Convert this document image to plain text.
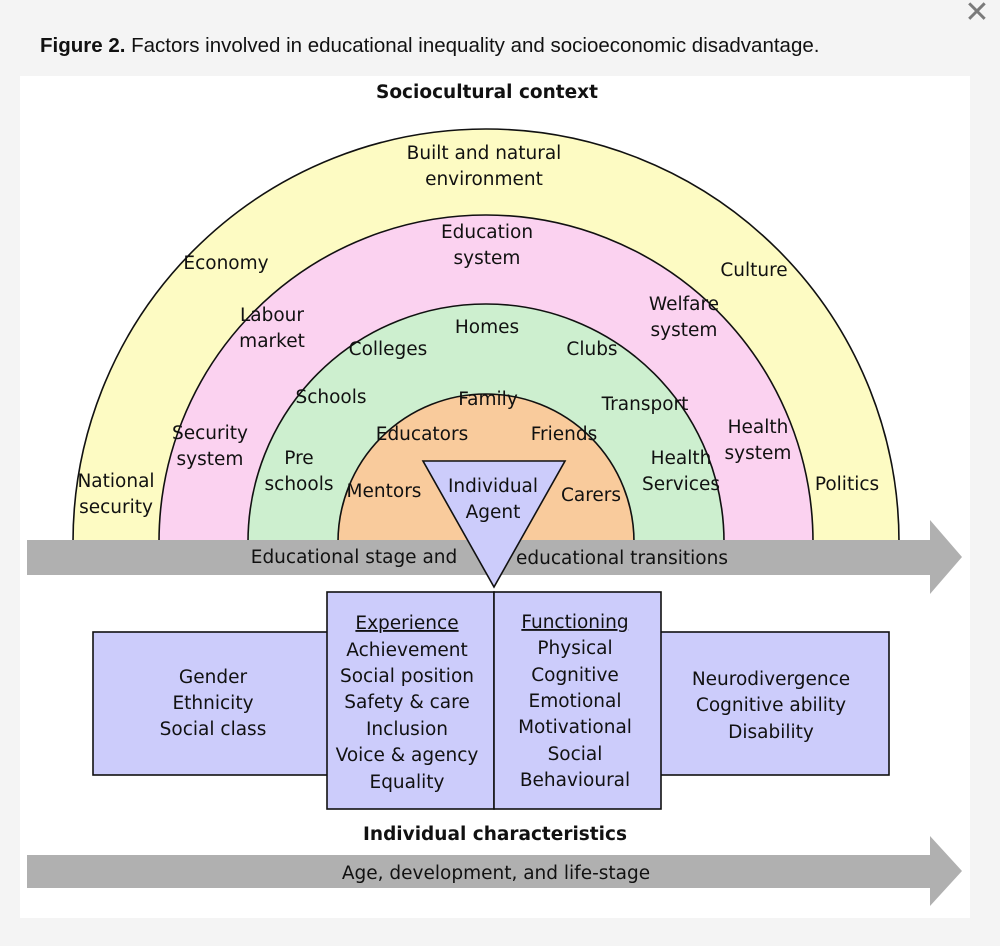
✕
Figure 2. Factors involved in educational inequality and socioeconomic disadvantage.
Sociocultural context
Built and natural
environment
Economy	Culture
National
security
Politics
Education
system
Labour
market
Welfare
system
Security
system
Health
system
Homes
Colleges	Clubs
Schools	Transport
Pre
schools
Health
Services
Family
Educators	Friends
Mentors	Carers
Individual
Agent
Educational stage and	educational transitions
Gender
Ethnicity
Social class
Experience
Achievement
Social position
Safety & care
Inclusion
Voice & agency
Equality
Functioning
Physical
Cognitive
Emotional
Motivational
Social
Behavioural
Neurodivergence
Cognitive ability
Disability
Individual characteristics
Age, development, and life-stage
